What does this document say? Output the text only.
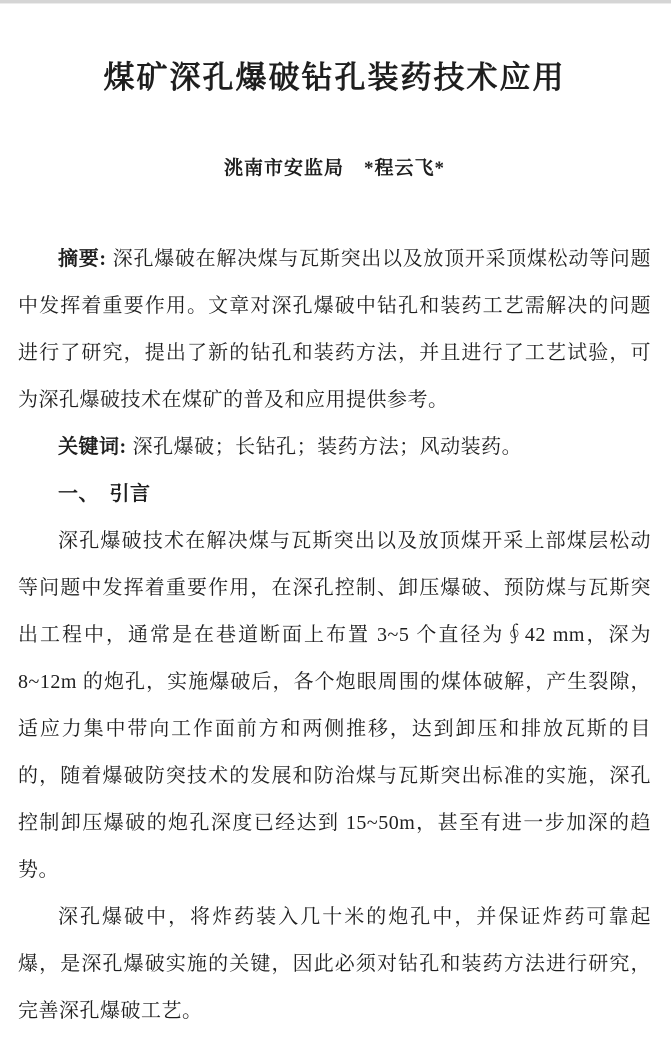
煤矿深孔爆破钻孔装药技术应用

洮南市安监局　*程云飞*

摘要: 深孔爆破在解决煤与瓦斯突出以及放顶开采顶煤松动等问题中发挥着重要作用。文章对深孔爆破中钻孔和装药工艺需解决的问题进行了研究，提出了新的钻孔和装药方法，并且进行了工艺试验，可为深孔爆破技术在煤矿的普及和应用提供参考。

关键词: 深孔爆破；长钻孔；装药方法；风动装药。

一、　引言

深孔爆破技术在解决煤与瓦斯突出以及放顶煤开采上部煤层松动等问题中发挥着重要作用，在深孔控制、卸压爆破、预防煤与瓦斯突出工程中，通常是在巷道断面上布置 3~5 个直径为∮42 mm，深为 8~12m 的炮孔，实施爆破后，各个炮眼周围的煤体破解，产生裂隙，适应力集中带向工作面前方和两侧推移，达到卸压和排放瓦斯的目的，随着爆破防突技术的发展和防治煤与瓦斯突出标准的实施，深孔控制卸压爆破的炮孔深度已经达到 15~50m，甚至有进一步加深的趋势。

深孔爆破中，将炸药装入几十米的炮孔中，并保证炸药可靠起爆，是深孔爆破实施的关键，因此必须对钻孔和装药方法进行研究，完善深孔爆破工艺。
